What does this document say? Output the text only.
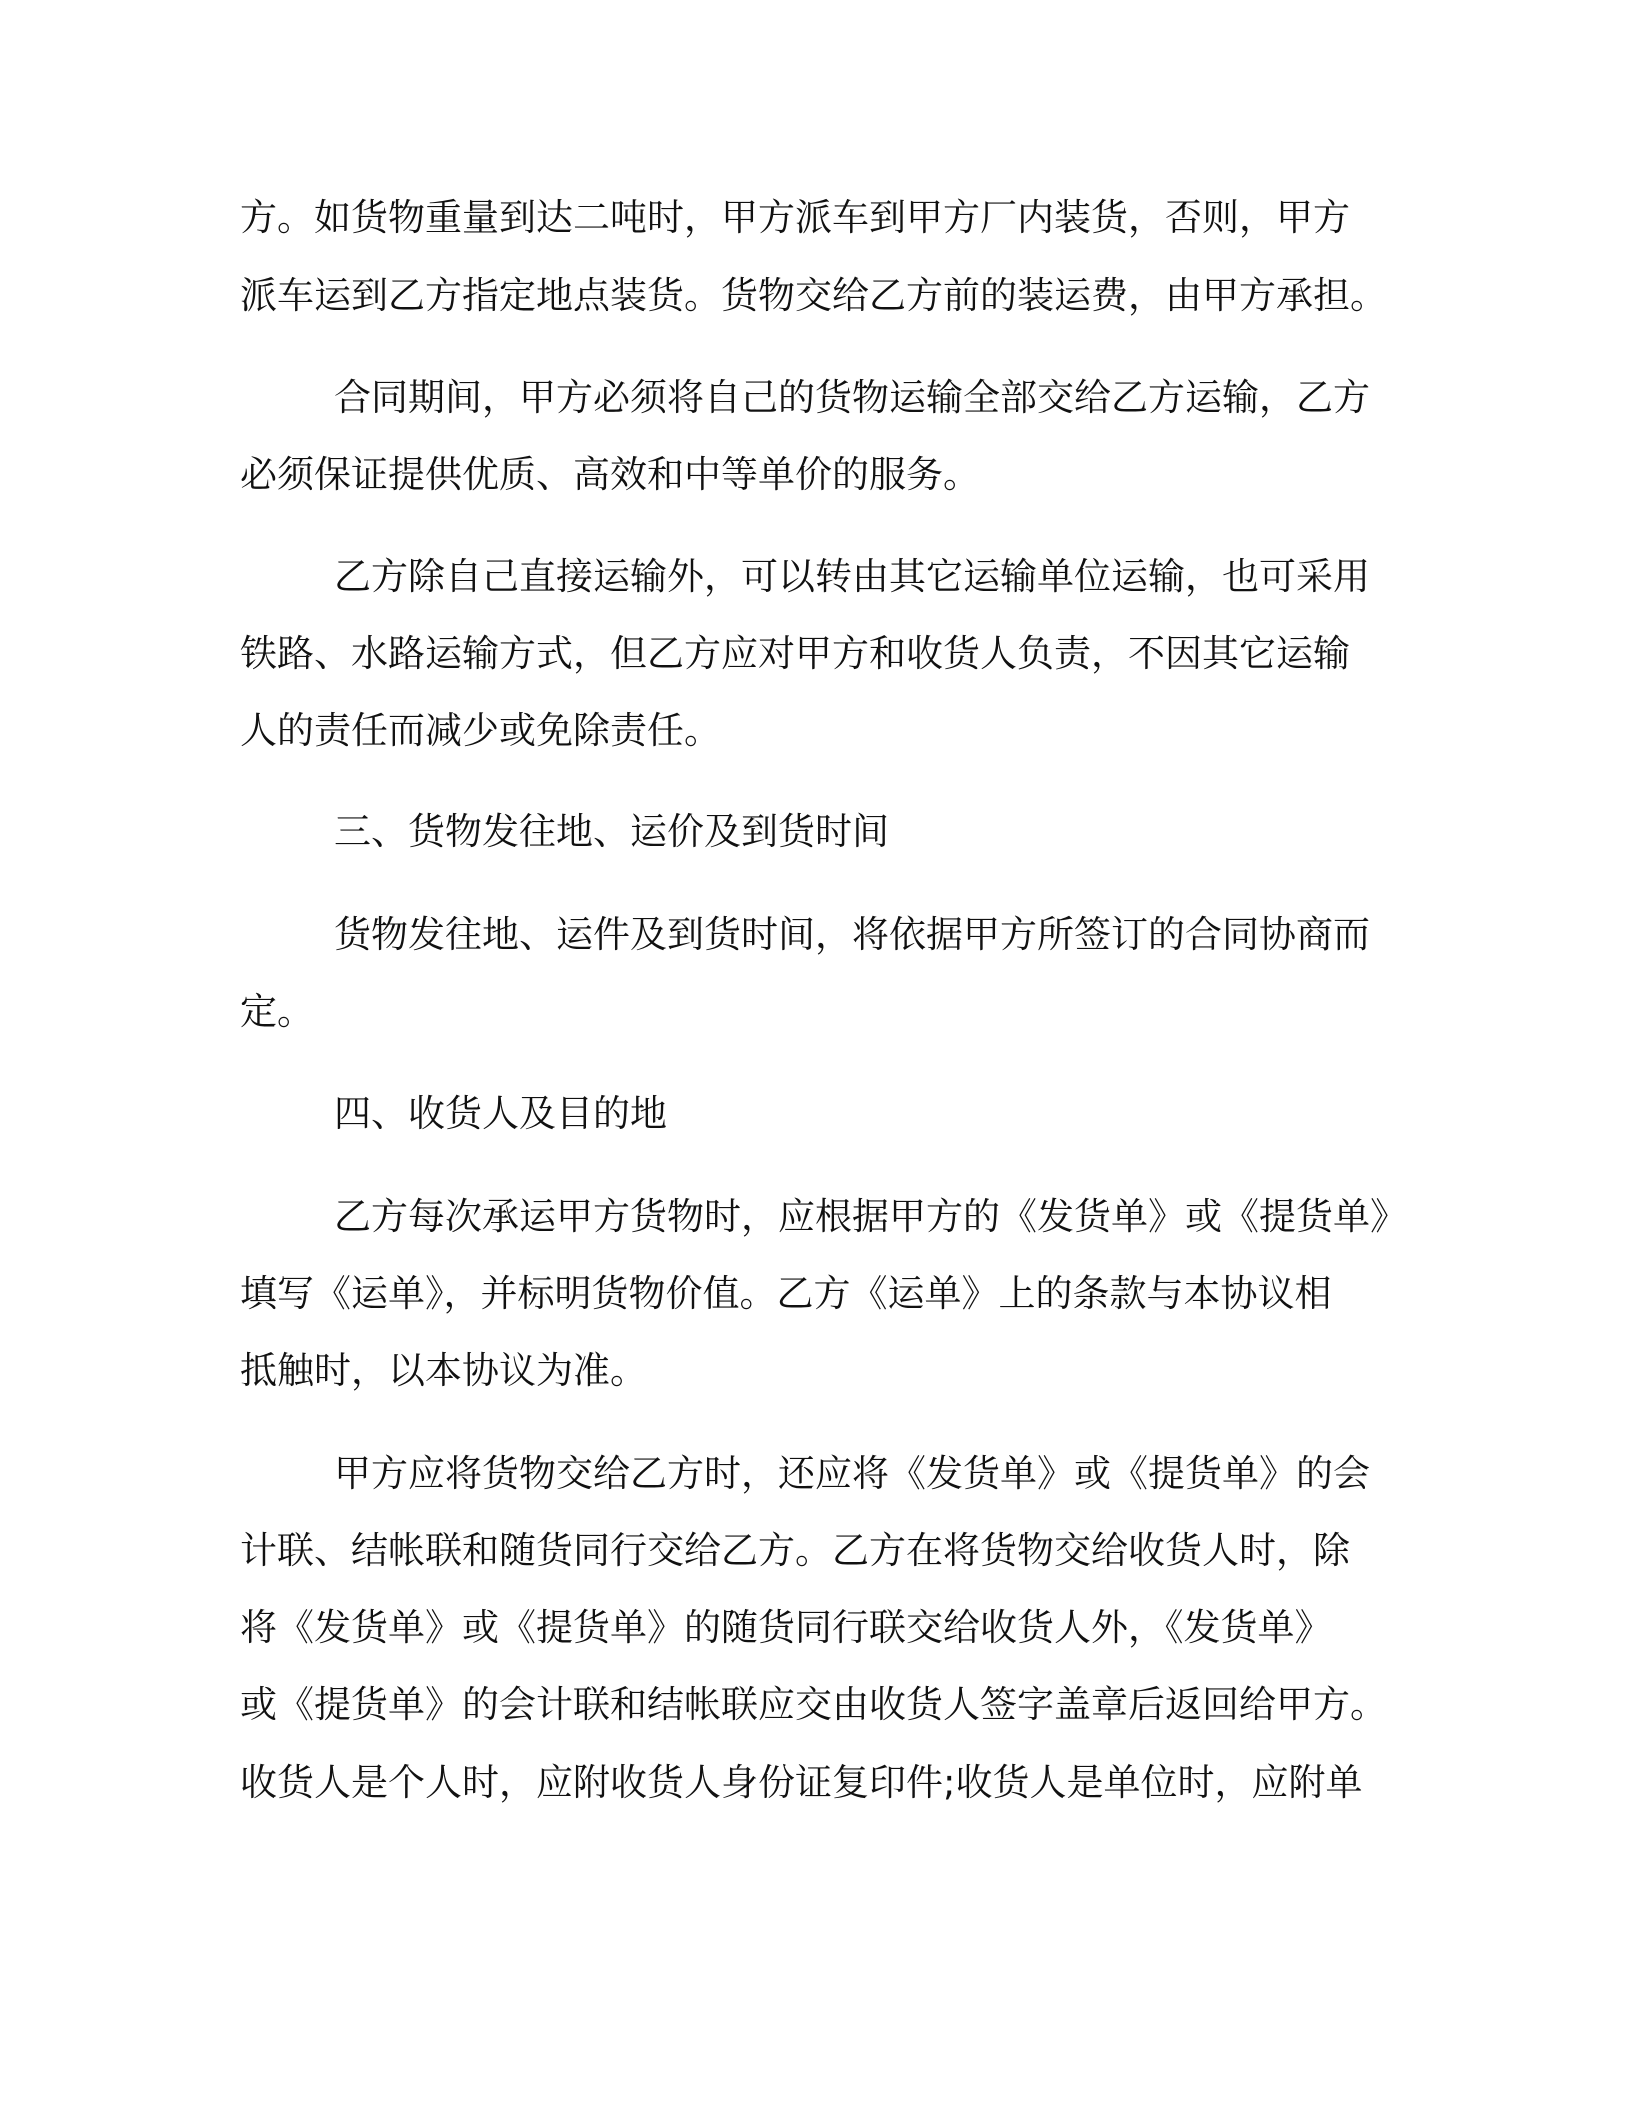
方。如货物重量到达二吨时，甲方派车到甲方厂内装货，否则，甲方
派车运到乙方指定地点装货。货物交给乙方前的装运费，由甲方承担。
合同期间，甲方必须将自己的货物运输全部交给乙方运输，乙方
必须保证提供优质、高效和中等单价的服务。
乙方除自己直接运输外，可以转由其它运输单位运输，也可采用
铁路、水路运输方式，但乙方应对甲方和收货人负责，不因其它运输
人的责任而减少或免除责任。
三、货物发往地、运价及到货时间
货物发往地、运件及到货时间，将依据甲方所签订的合同协商而
定。
四、收货人及目的地
乙方每次承运甲方货物时，应根据甲方的《发货单》或《提货单》
填写《运单》，并标明货物价值。乙方《运单》上的条款与本协议相
抵触时，以本协议为准。
甲方应将货物交给乙方时，还应将《发货单》或《提货单》的会
计联、结帐联和随货同行交给乙方。乙方在将货物交给收货人时，除
将《发货单》或《提货单》的随货同行联交给收货人外，《发货单》
或《提货单》的会计联和结帐联应交由收货人签字盖章后返回给甲方。
收货人是个人时，应附收货人身份证复印件;收货人是单位时，应附单
